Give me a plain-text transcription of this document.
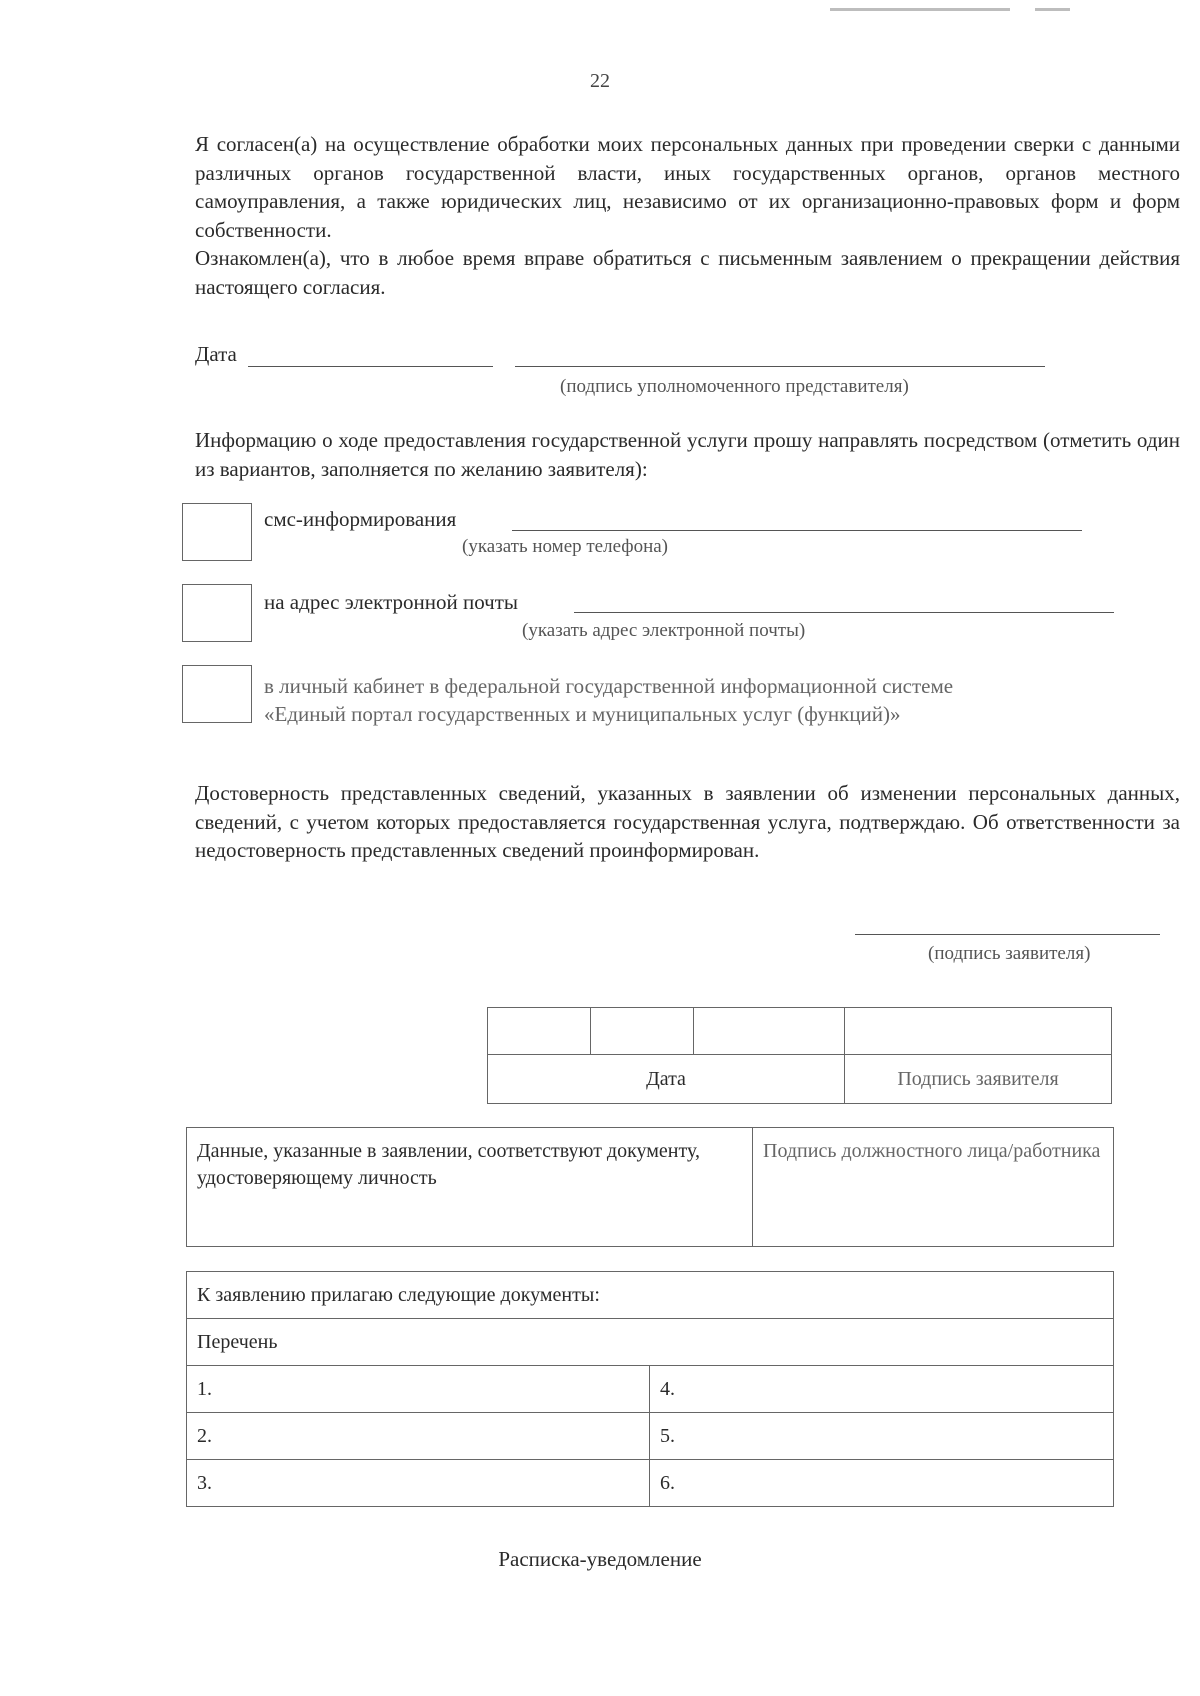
22

Я согласен(а) на осуществление обработки моих персональных данных при проведении сверки с данными различных органов государственной власти, иных государственных органов, органов местного самоуправления, а также юридических лиц, независимо от их организационно-правовых форм и форм собственности.

Ознакомлен(а), что в любое время вправе обратиться с письменным заявлением о прекращении действия настоящего согласия.

Дата
(подпись уполномоченного представителя)
Информацию о ходе предоставления государственной услуги прошу направлять посредством (отметить один из вариантов, заполняется по желанию заявителя):
смс-информирования
(указать номер телефона)
на адрес электронной почты
(указать адрес электронной почты)
в личный кабинет в федеральной государственной информационной системе
«Единый портал государственных и муниципальных услуг (функций)»
Достоверность представленных сведений, указанных в заявлении об изменении персональных данных, сведений, с учетом которых предоставляется государственная услуга, подтверждаю. Об ответственности за недостоверность представленных сведений проинформирован.
(подпись заявителя)

Дата			Подпись заявителя
Данные, указанные в заявлении, соответствуют документу, удостоверяющему личность	Подпись должностного лица/работника
К заявлению прилагаю следующие документы:	
Перечень	
1.	4.
2.	5.
3.	6.
Расписка-уведомление
